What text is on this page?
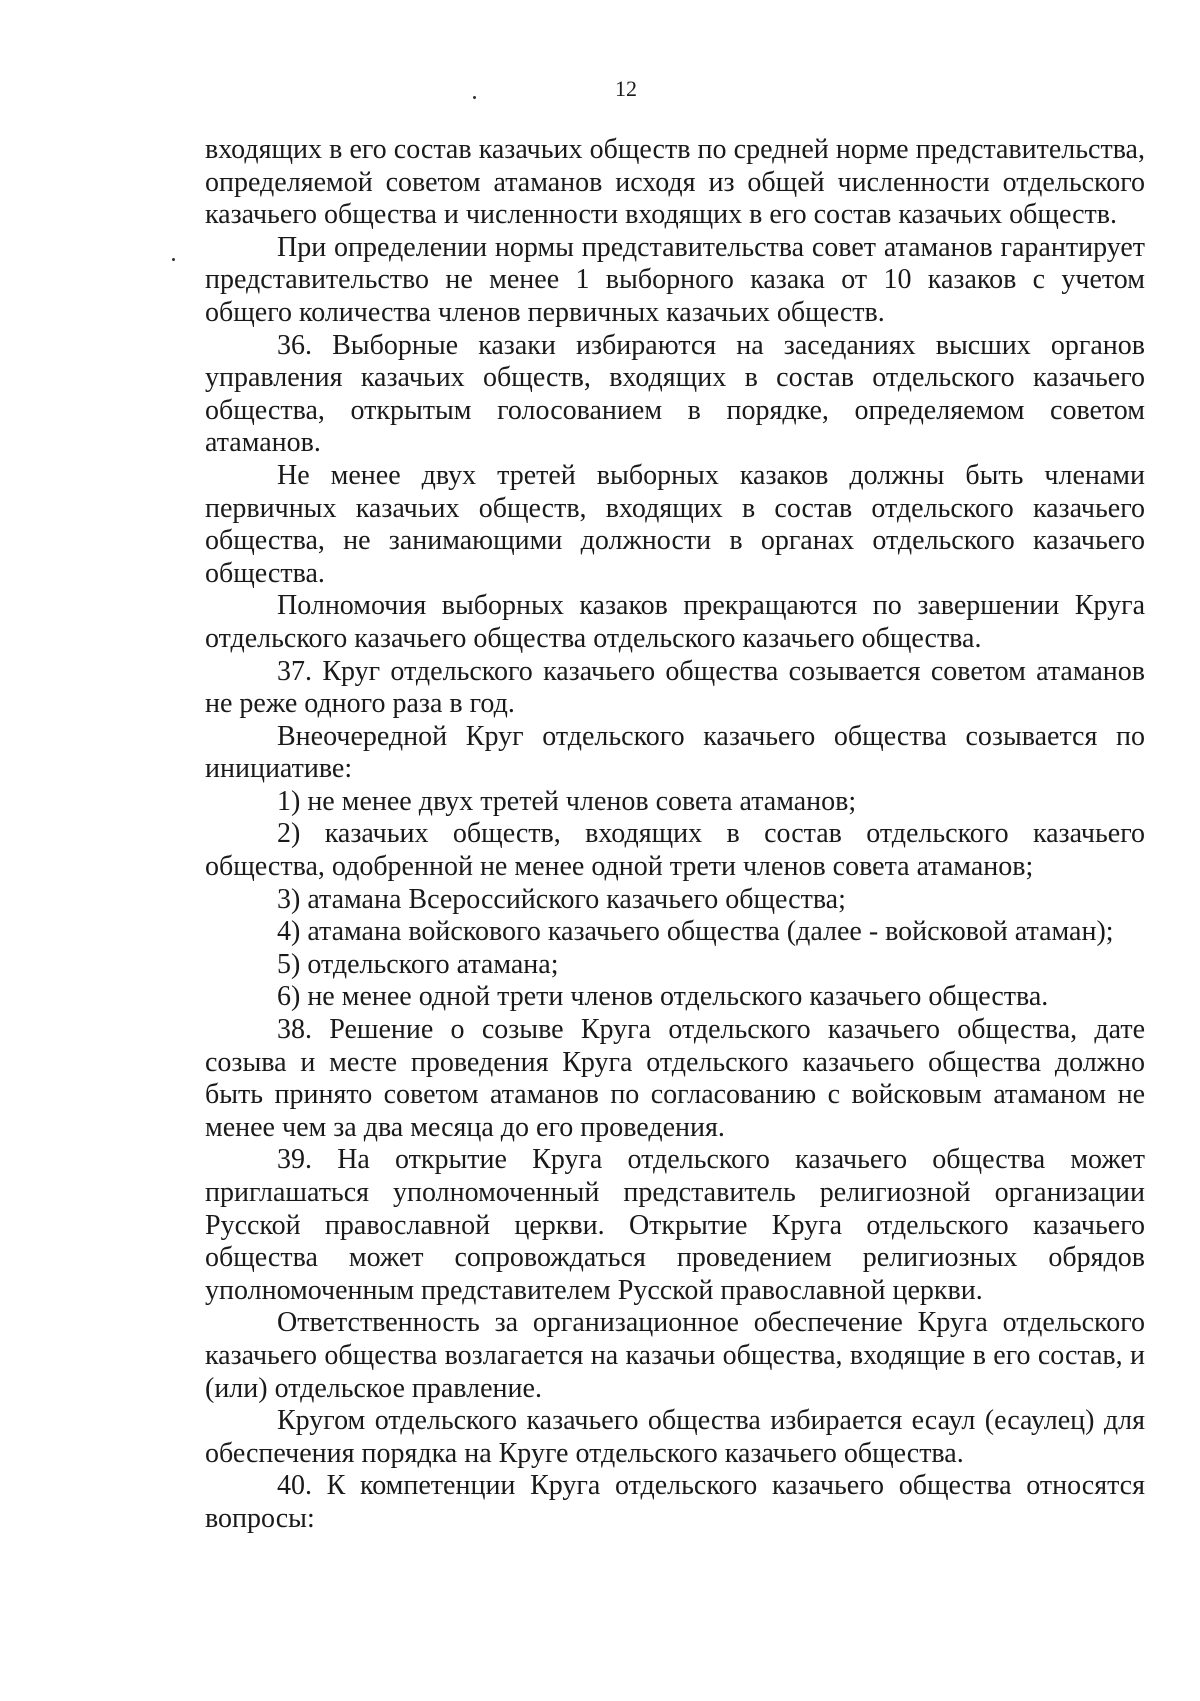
12

входящих в его состав казачьих обществ по средней норме представительства, определяемой советом атаманов исходя из общей численности отдельского казачьего общества и численности входящих в его состав казачьих обществ.

При определении нормы представительства совет атаманов гарантирует представительство не менее 1 выборного казака от 10 казаков с учетом общего количества членов первичных казачьих обществ.

36. Выборные казаки избираются на заседаниях высших органов управления казачьих обществ, входящих в состав отдельского казачьего общества, открытым голосованием в порядке, определяемом советом атаманов.

Не менее двух третей выборных казаков должны быть членами первичных казачьих обществ, входящих в состав отдельского казачьего общества, не занимающими должности в органах отдельского казачьего общества.

Полномочия выборных казаков прекращаются по завершении Круга отдельского казачьего общества отдельского казачьего общества.

37. Круг отдельского казачьего общества созывается советом атаманов не реже одного раза в год.

Внеочередной Круг отдельского казачьего общества созывается по инициативе:

1) не менее двух третей членов совета атаманов;

2) казачьих обществ, входящих в состав отдельского казачьего общества, одобренной не менее одной трети членов совета атаманов;

3) атамана Всероссийского казачьего общества;

4) атамана войскового казачьего общества (далее - войсковой атаман);

5) отдельского атамана;

6) не менее одной трети членов отдельского казачьего общества.

38. Решение о созыве Круга отдельского казачьего общества, дате созыва и месте проведения Круга отдельского казачьего общества должно быть принято советом атаманов по согласованию с войсковым атаманом не менее чем за два месяца до его проведения.

39. На открытие Круга отдельского казачьего общества может приглашаться уполномоченный представитель религиозной организации Русской православной церкви. Открытие Круга отдельского казачьего общества может сопровождаться проведением религиозных обрядов уполномоченным представителем Русской православной церкви.

Ответственность за организационное обеспечение Круга отдельского казачьего общества возлагается на казачьи общества, входящие в его состав, и (или) отдельское правление.

Кругом отдельского казачьего общества избирается есаул (есаулец) для обеспечения порядка на Круге отдельского казачьего общества.

40. К компетенции Круга отдельского казачьего общества относятся вопросы:
